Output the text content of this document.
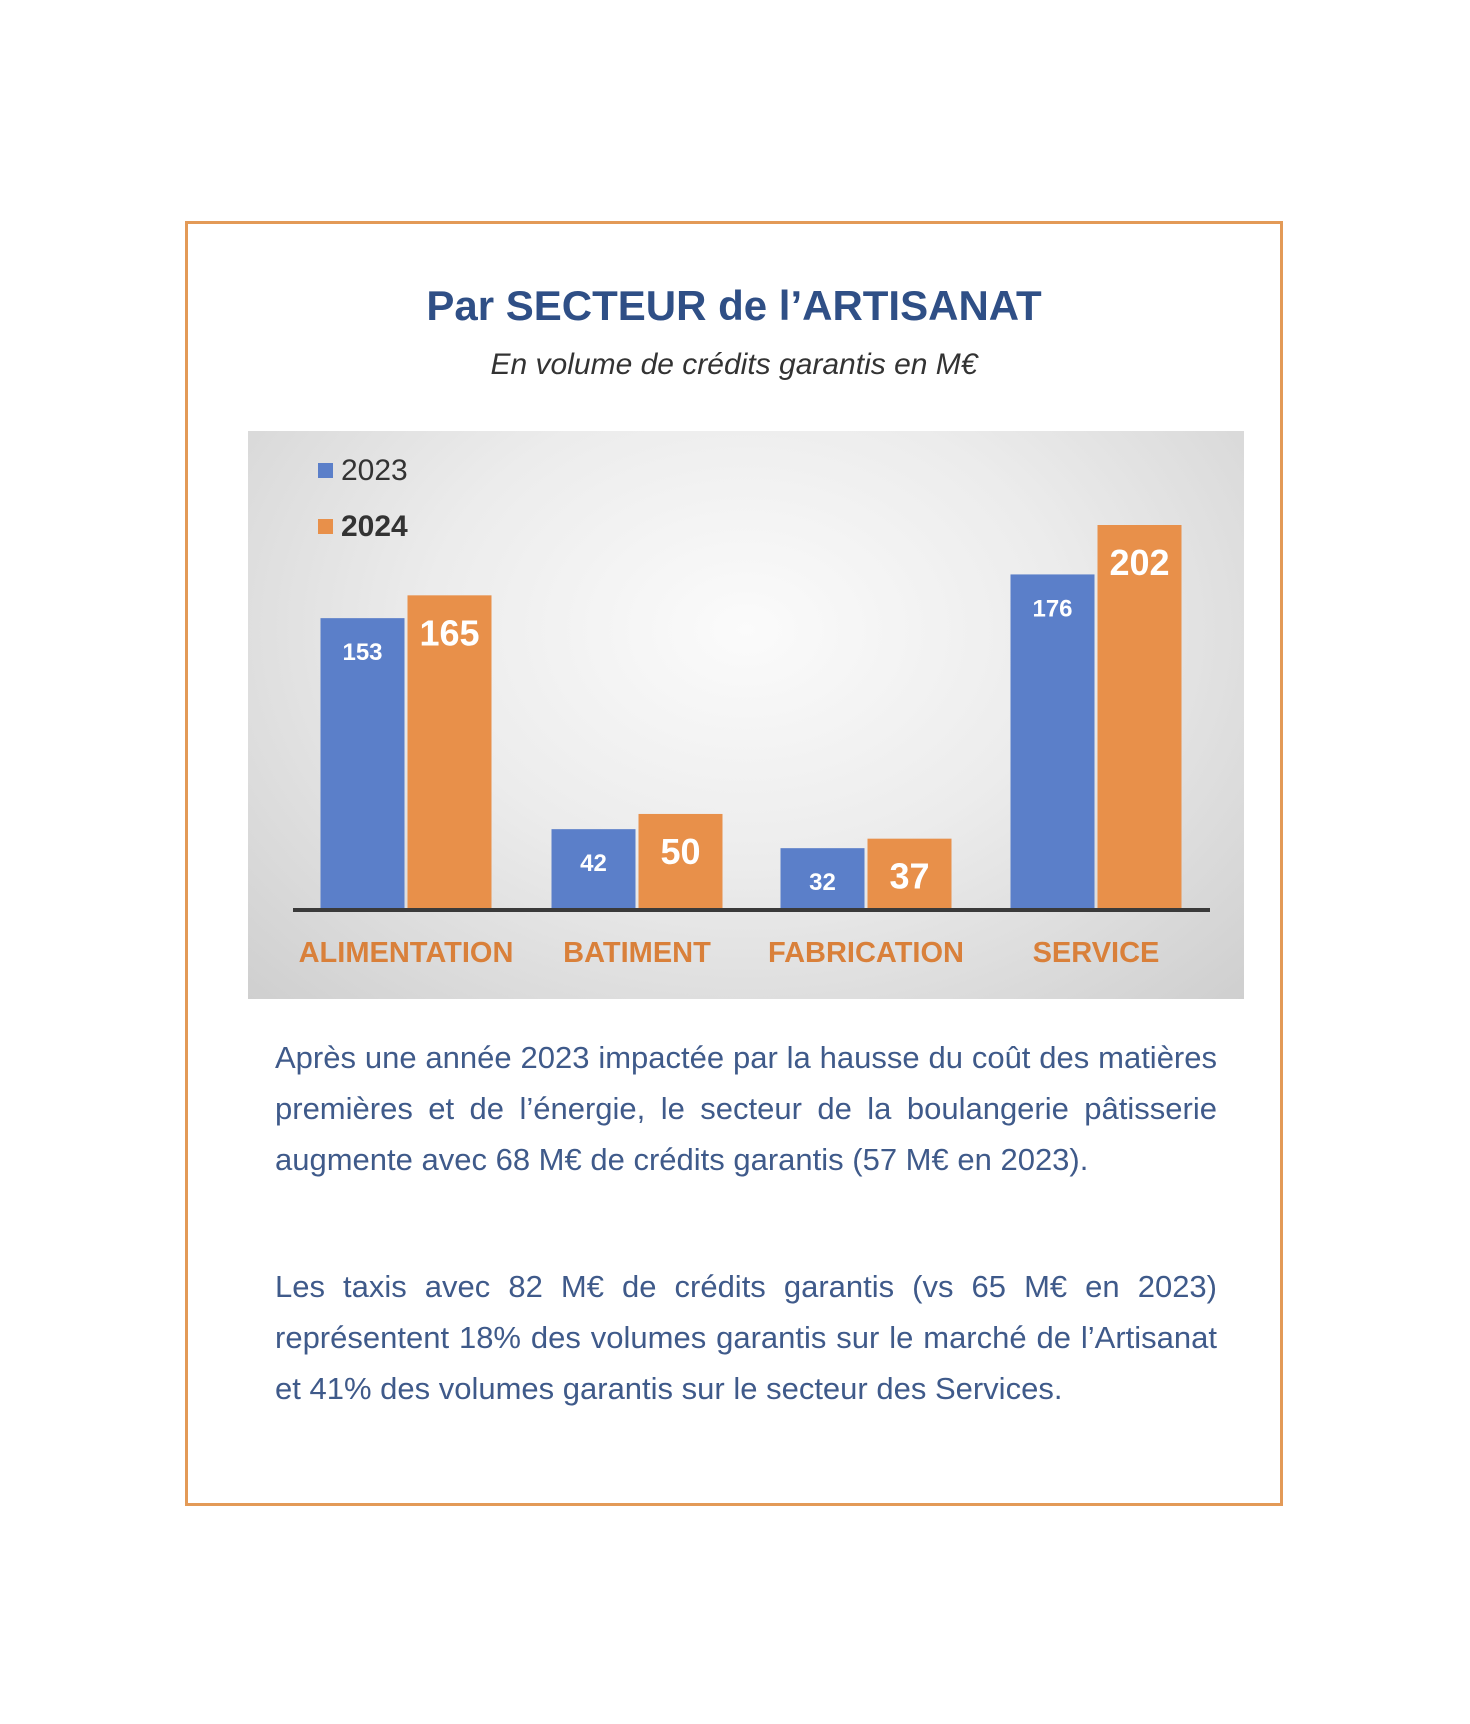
Par SECTEUR de l’ARTISANAT
En volume de crédits garantis en M€
153 165
ALIMENTATION
42 50
BATIMENT
32 37
FABRICATION
176
202
SERVICE
2023
2024

Après une année 2023 impactée par la hausse du coût des matières premières et de l’énergie, le secteur de la boulangerie pâtisserie augmente avec 68 M€ de crédits garantis (57 M€ en 2023).

Les taxis avec 82 M€ de crédits garantis (vs 65 M€ en 2023) représentent 18% des volumes garantis sur le marché de l’Artisanat et 41% des volumes garantis sur le secteur des Services.
